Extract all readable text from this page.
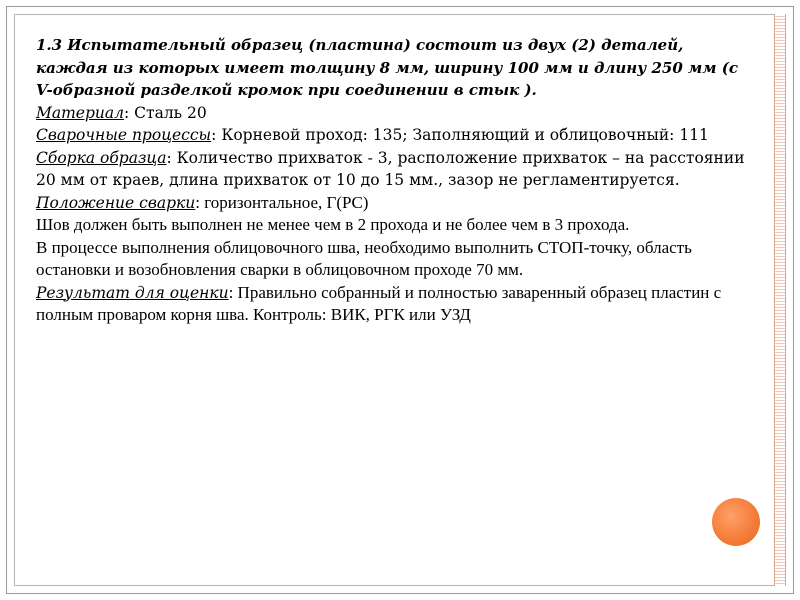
1.3 Испытательный образец (пластина) состоит из двух (2) деталей, каждая из которых имеет толщину 8 мм, ширину 100 мм и длину 250 мм (с V-образной разделкой кромок при соединении в стык ).

Материал: Сталь 20

Сварочные процессы: Корневой проход: 135; Заполняющий и облицовочный: 111

Сборка образца: Количество прихваток - 3, расположение прихваток – на расстоянии 20 мм от краев, длина прихваток от 10 до 15 мм., зазор не регламентируется.

Положение сварки: горизонтальное, Г(PC)

Шов должен быть выполнен не менее чем в 2 прохода и не более чем в 3 прохода.

В процессе выполнения облицовочного шва, необходимо выполнить СТОП-точку, область остановки и возобновления сварки в облицовочном проходе 70 мм.

Результат для оценки: Правильно собранный и полностью заваренный образец пластин с полным проваром корня шва. Контроль: ВИК, РГК или УЗД
